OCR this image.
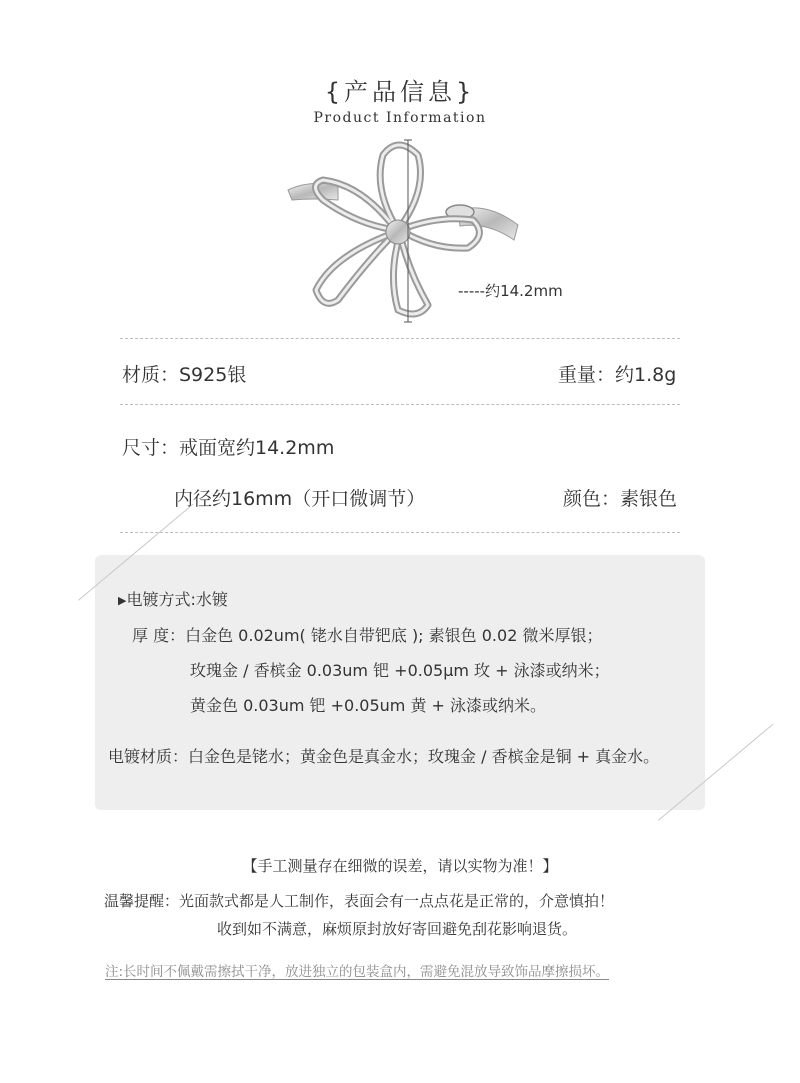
{产品信息}
Product Information
-----约14.2mm
材质：S925银	重量：约1.8g
尺寸：戒面宽约14.2mm
内径约16mm（开口微调节）	颜色：素银色
▶电镀方式:水镀
厚 度：白金色 0.02um( 铑水自带钯底 ); 素银色 0.02 微米厚银；
玫瑰金 / 香槟金 0.03um 钯 +0.05μm 玫 + 泳漆或纳米；
黄金色 0.03um 钯 +0.05um 黄 + 泳漆或纳米。
电镀材质：白金色是铑水；黄金色是真金水；玫瑰金 / 香槟金是铜 + 真金水。
【手工测量存在细微的误差，请以实物为准！】
温馨提醒：光面款式都是人工制作，表面会有一点点花是正常的，介意慎拍！
收到如不满意，麻烦原封放好寄回避免刮花影响退货。
注:长时间不佩戴需擦拭干净，放进独立的包装盒内，需避免混放导致饰品摩擦损坏。
